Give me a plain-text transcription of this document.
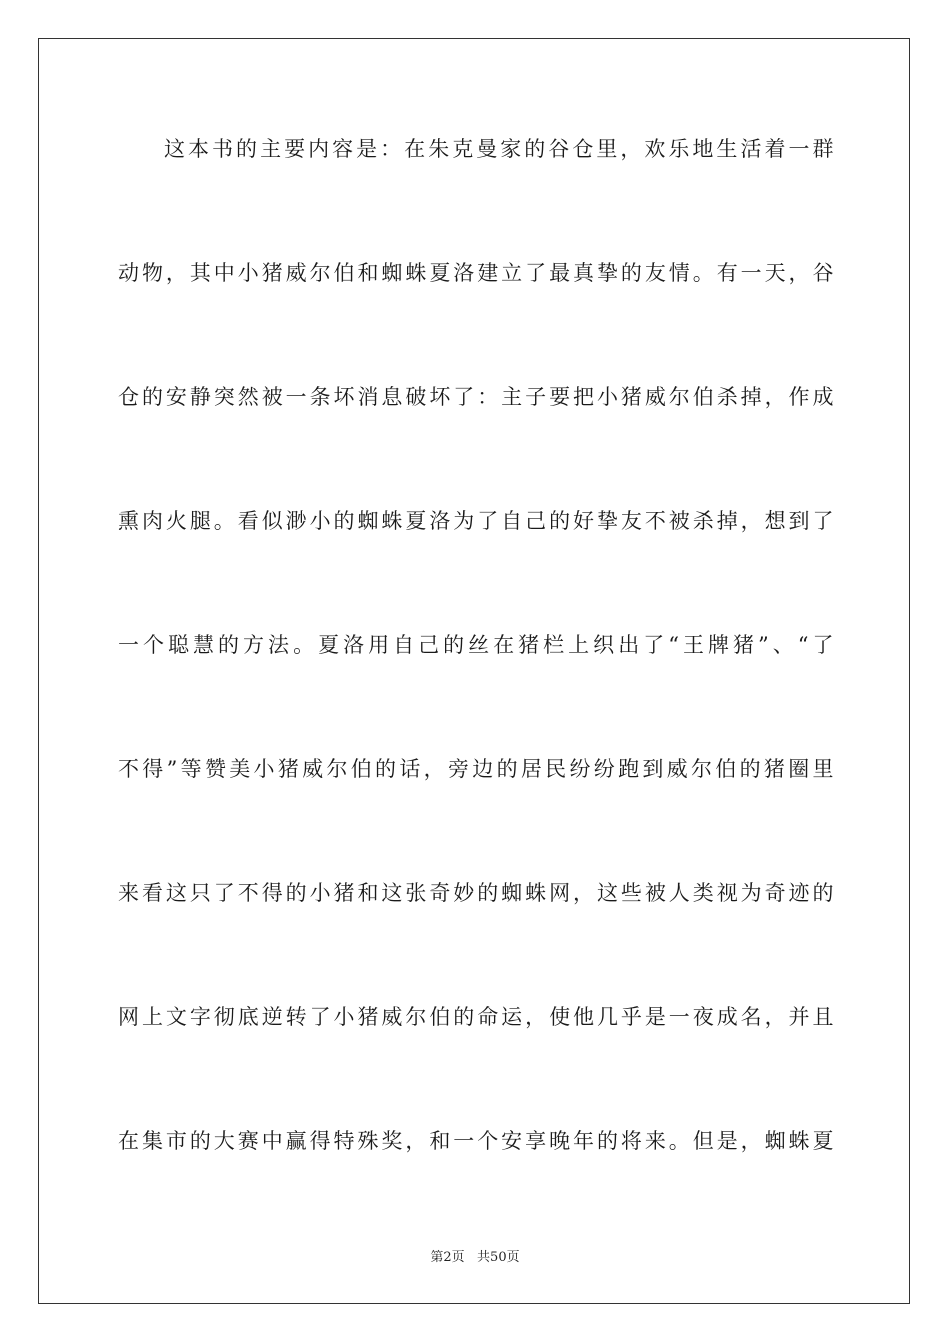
这本书的主要内容是：在朱克曼家的谷仓里，欢乐地生活着一群
动物，其中小猪威尔伯和蜘蛛夏洛建立了最真挚的友情。有一天，谷
仓的安静突然被一条坏消息破坏了：主子要把小猪威尔伯杀掉，作成
熏肉火腿。看似渺小的蜘蛛夏洛为了自己的好挚友不被杀掉，想到了
一个聪慧的方法。夏洛用自己的丝在猪栏上织出了“王牌猪”、“了
不得”等赞美小猪威尔伯的话，旁边的居民纷纷跑到威尔伯的猪圈里
来看这只了不得的小猪和这张奇妙的蜘蛛网，这些被人类视为奇迹的
网上文字彻底逆转了小猪威尔伯的命运，使他几乎是一夜成名，并且
在集市的大赛中赢得特殊奖，和一个安享晚年的将来。但是，蜘蛛夏
第2页   共50页
